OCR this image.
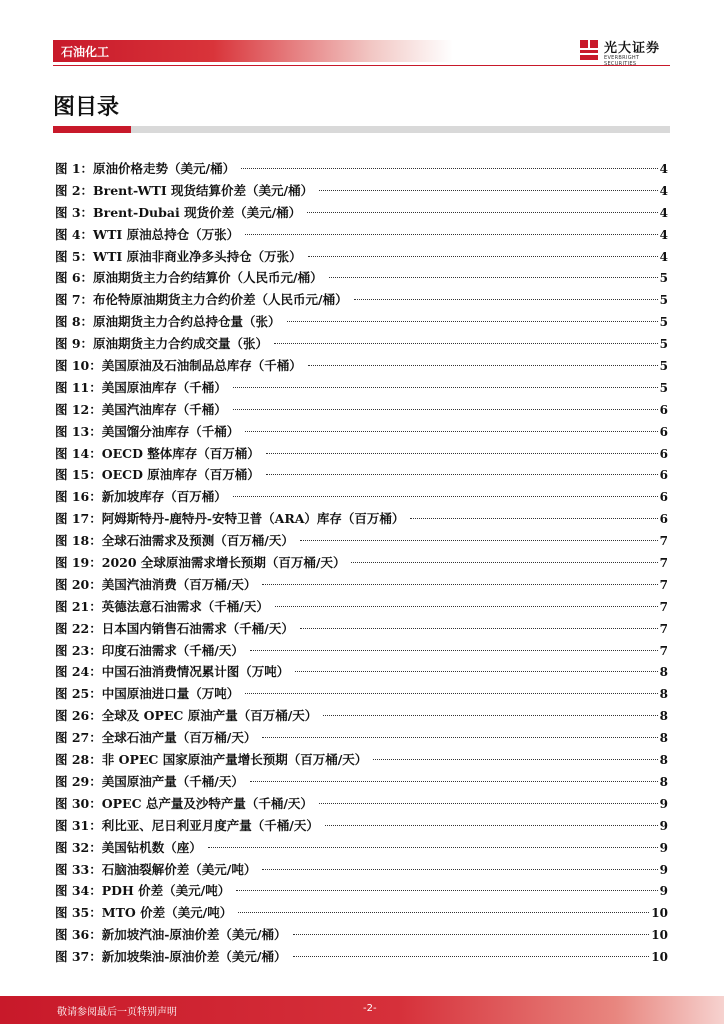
石油化工	光大证券
EVERBRIGHT SECURITIES
图目录
图 1：原油价格走势（美元/桶）	4
图 2：Brent-WTI 现货结算价差（美元/桶）	4
图 3：Brent-Dubai 现货价差（美元/桶）	4
图 4：WTI 原油总持仓（万张）	4
图 5：WTI 原油非商业净多头持仓（万张）	4
图 6：原油期货主力合约结算价（人民币元/桶）	5
图 7：布伦特原油期货主力合约价差（人民币元/桶）	5
图 8：原油期货主力合约总持仓量（张）	5
图 9：原油期货主力合约成交量（张）	5
图 10：美国原油及石油制品总库存（千桶）	5
图 11：美国原油库存（千桶）	5
图 12：美国汽油库存（千桶）	6
图 13：美国馏分油库存（千桶）	6
图 14：OECD 整体库存（百万桶）	6
图 15：OECD 原油库存（百万桶）	6
图 16：新加坡库存（百万桶）	6
图 17：阿姆斯特丹-鹿特丹-安特卫普（ARA）库存（百万桶）	6
图 18：全球石油需求及预测（百万桶/天）	7
图 19：2020 全球原油需求增长预期（百万桶/天）	7
图 20：美国汽油消费（百万桶/天）	7
图 21：英德法意石油需求（千桶/天）	7
图 22：日本国内销售石油需求（千桶/天）	7
图 23：印度石油需求（千桶/天）	7
图 24：中国石油消费情况累计图（万吨）	8
图 25：中国原油进口量（万吨）	8
图 26：全球及 OPEC 原油产量（百万桶/天）	8
图 27：全球石油产量（百万桶/天）	8
图 28：非 OPEC 国家原油产量增长预期（百万桶/天）	8
图 29：美国原油产量（千桶/天）	8
图 30：OPEC 总产量及沙特产量（千桶/天）	9
图 31：利比亚、尼日利亚月度产量（千桶/天）	9
图 32：美国钻机数（座）	9
图 33：石脑油裂解价差（美元/吨）	9
图 34：PDH 价差（美元/吨）	9
图 35：MTO 价差（美元/吨）	10
图 36：新加坡汽油-原油价差（美元/桶）	10
图 37：新加坡柴油-原油价差（美元/桶）	10
敬请参阅最后一页特别声明	-2-
